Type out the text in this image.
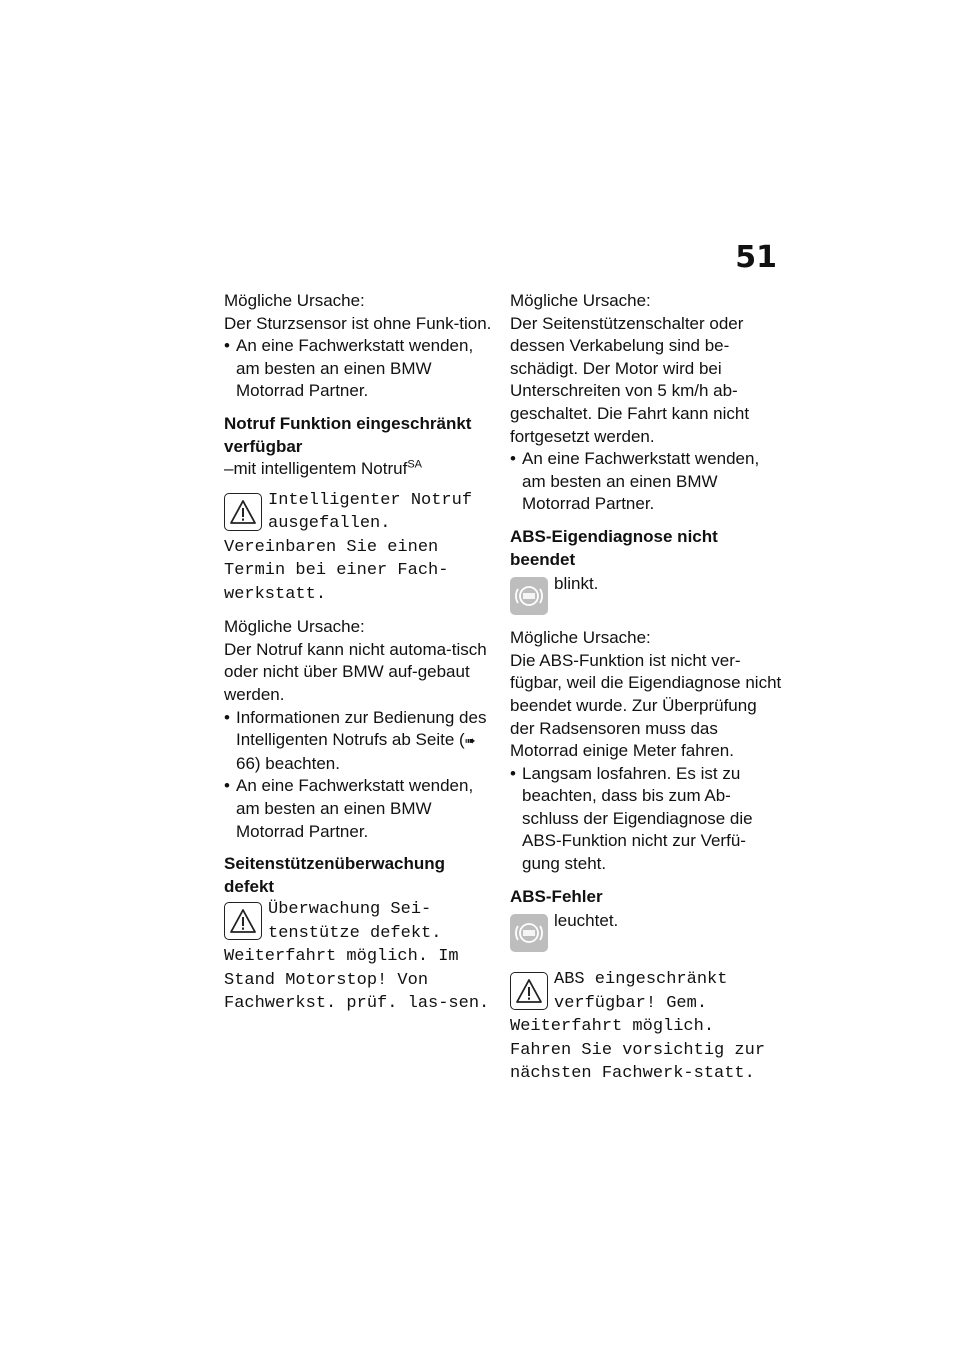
51

Mögliche Ursache:

Der Sturzsensor ist ohne Funk-tion.

• An eine Fachwerkstatt wenden, am besten an einen BMW Motorrad Partner.

Notruf Funktion eingeschränkt verfügbar

–mit intelligentem Notruf$^{SA}$

Intelligenter Notruf ausgefallen. Vereinbaren Sie einen Termin bei einer Fach-werkstatt.

Mögliche Ursache:

Der Notruf kann nicht automa-tisch oder nicht über BMW auf-gebaut werden.

• Informationen zur Bedienung des Intelligenten Notrufs ab Seite (➠ 66) beachten.
• An eine Fachwerkstatt wenden, am besten an einen BMW Motorrad Partner.

Seitenstützenüberwachung defekt

Überwachung Sei-tenstütze defekt. Weiterfahrt möglich. Im Stand Motorstop! Von Fachwerkst. prüf. las-sen.

Mögliche Ursache:

Der Seitenstützenschalter oder dessen Verkabelung sind be-schädigt. Der Motor wird bei Unterschreiten von 5 km/h ab-geschaltet. Die Fahrt kann nicht fortgesetzt werden.

• An eine Fachwerkstatt wenden, am besten an einen BMW Motorrad Partner.

ABS-Eigendiagnose nicht beendet

blinkt.

Mögliche Ursache:

Die ABS-Funktion ist nicht ver-fügbar, weil die Eigendiagnose nicht beendet wurde. Zur Überprüfung der Radsensoren muss das Motorrad einige Meter fahren.

• Langsam losfahren. Es ist zu beachten, dass bis zum Ab-schluss der Eigendiagnose die ABS-Funktion nicht zur Verfü-gung steht.

ABS-Fehler

leuchtet.
ABS eingeschränkt verfügbar! Gem. Weiterfahrt möglich. Fahren Sie vorsichtig zur nächsten Fachwerk-statt.
